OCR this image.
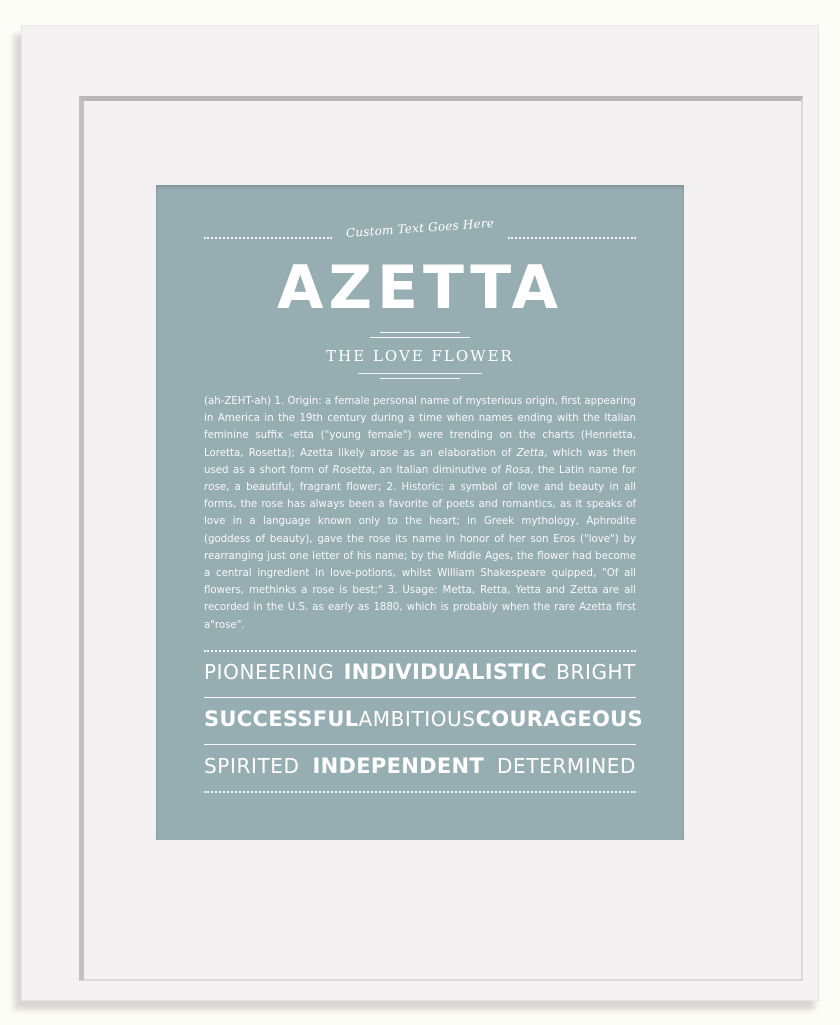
Custom Text Goes Here
AZETTA
THE LOVE FLOWER
(ah-ZEHT-ah) 1. Origin: a female personal name of mysterious origin, first appearing in America in the 19th century during a time when names ending with the Italian feminine suffix -etta ("young female") were trending on the charts (Henrietta, Loretta, Rosetta); Azetta likely arose as an elaboration of Zetta, which was then used as a short form of Rosetta, an Italian diminutive of Rosa, the Latin name for rose, a beautiful, fragrant flower; 2. Historic: a symbol of love and beauty in all forms, the rose has always been a favorite of poets and romantics, as it speaks of love in a language known only to the heart; in Greek mythology, Aphrodite (goddess of beauty), gave the rose its name in honor of her son Eros ("love") by rearranging just one letter of his name; by the Middle Ages, the flower had become a central ingredient in love-potions, whilst William Shakespeare quipped, "Of all flowers, methinks a rose is best;" 3. Usage: Metta, Retta, Yetta and Zetta are all recorded in the U.S. as early as 1880, which is probably when the rare Azetta first a"rose".
PIONEERING INDIVIDUALISTIC BRIGHT
SUCCESSFUL AMBITIOUS COURAGEOUS
SPIRITED INDEPENDENT DETERMINED
